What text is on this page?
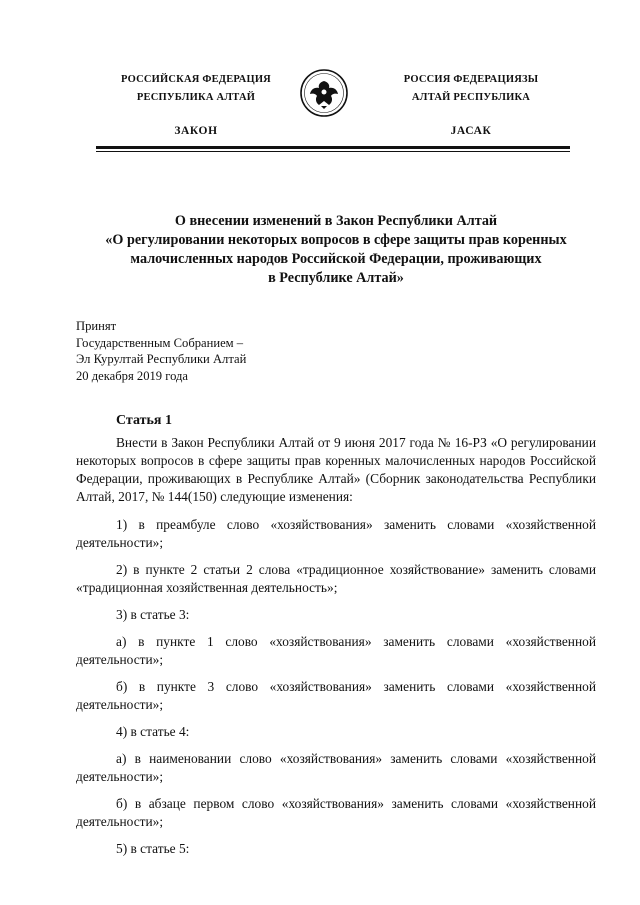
РОССИЙСКАЯ ФЕДЕРАЦИЯ
РЕСПУБЛИКА АЛТАЙ
ЗАКОН
РОССИЯ ФЕДЕРАЦИЯЗЫ
АЛТАЙ РЕСПУБЛИКА
JАСАК
О внесении изменений в Закон Республики Алтай
«О регулировании некоторых вопросов в сфере защиты прав коренных
малочисленных народов Российской Федерации, проживающих
в Республике Алтай»
Принят
Государственным Собранием –
Эл Курултай Республики Алтай
20 декабря 2019 года
Статья 1

Внести в Закон Республики Алтай от 9 июня 2017 года № 16-РЗ «О регулировании некоторых вопросов в сфере защиты прав коренных малочисленных народов Российской Федерации, проживающих в Республике Алтай» (Сборник законодательства Республики Алтай, 2017, № 144(150) следующие изменения:

1) в преамбуле слово «хозяйствования» заменить словами «хозяйственной деятельности»;

2) в пункте 2 статьи 2 слова «традиционное хозяйствование» заменить словами «традиционная хозяйственная деятельность»;

3) в статье 3:

а) в пункте 1 слово «хозяйствования» заменить словами «хозяйственной деятельности»;

б) в пункте 3 слово «хозяйствования» заменить словами «хозяйственной деятельности»;

4) в статье 4:

а) в наименовании слово «хозяйствования» заменить словами «хозяйственной деятельности»;

б) в абзаце первом слово «хозяйствования» заменить словами «хозяйственной деятельности»;

5) в статье 5:
